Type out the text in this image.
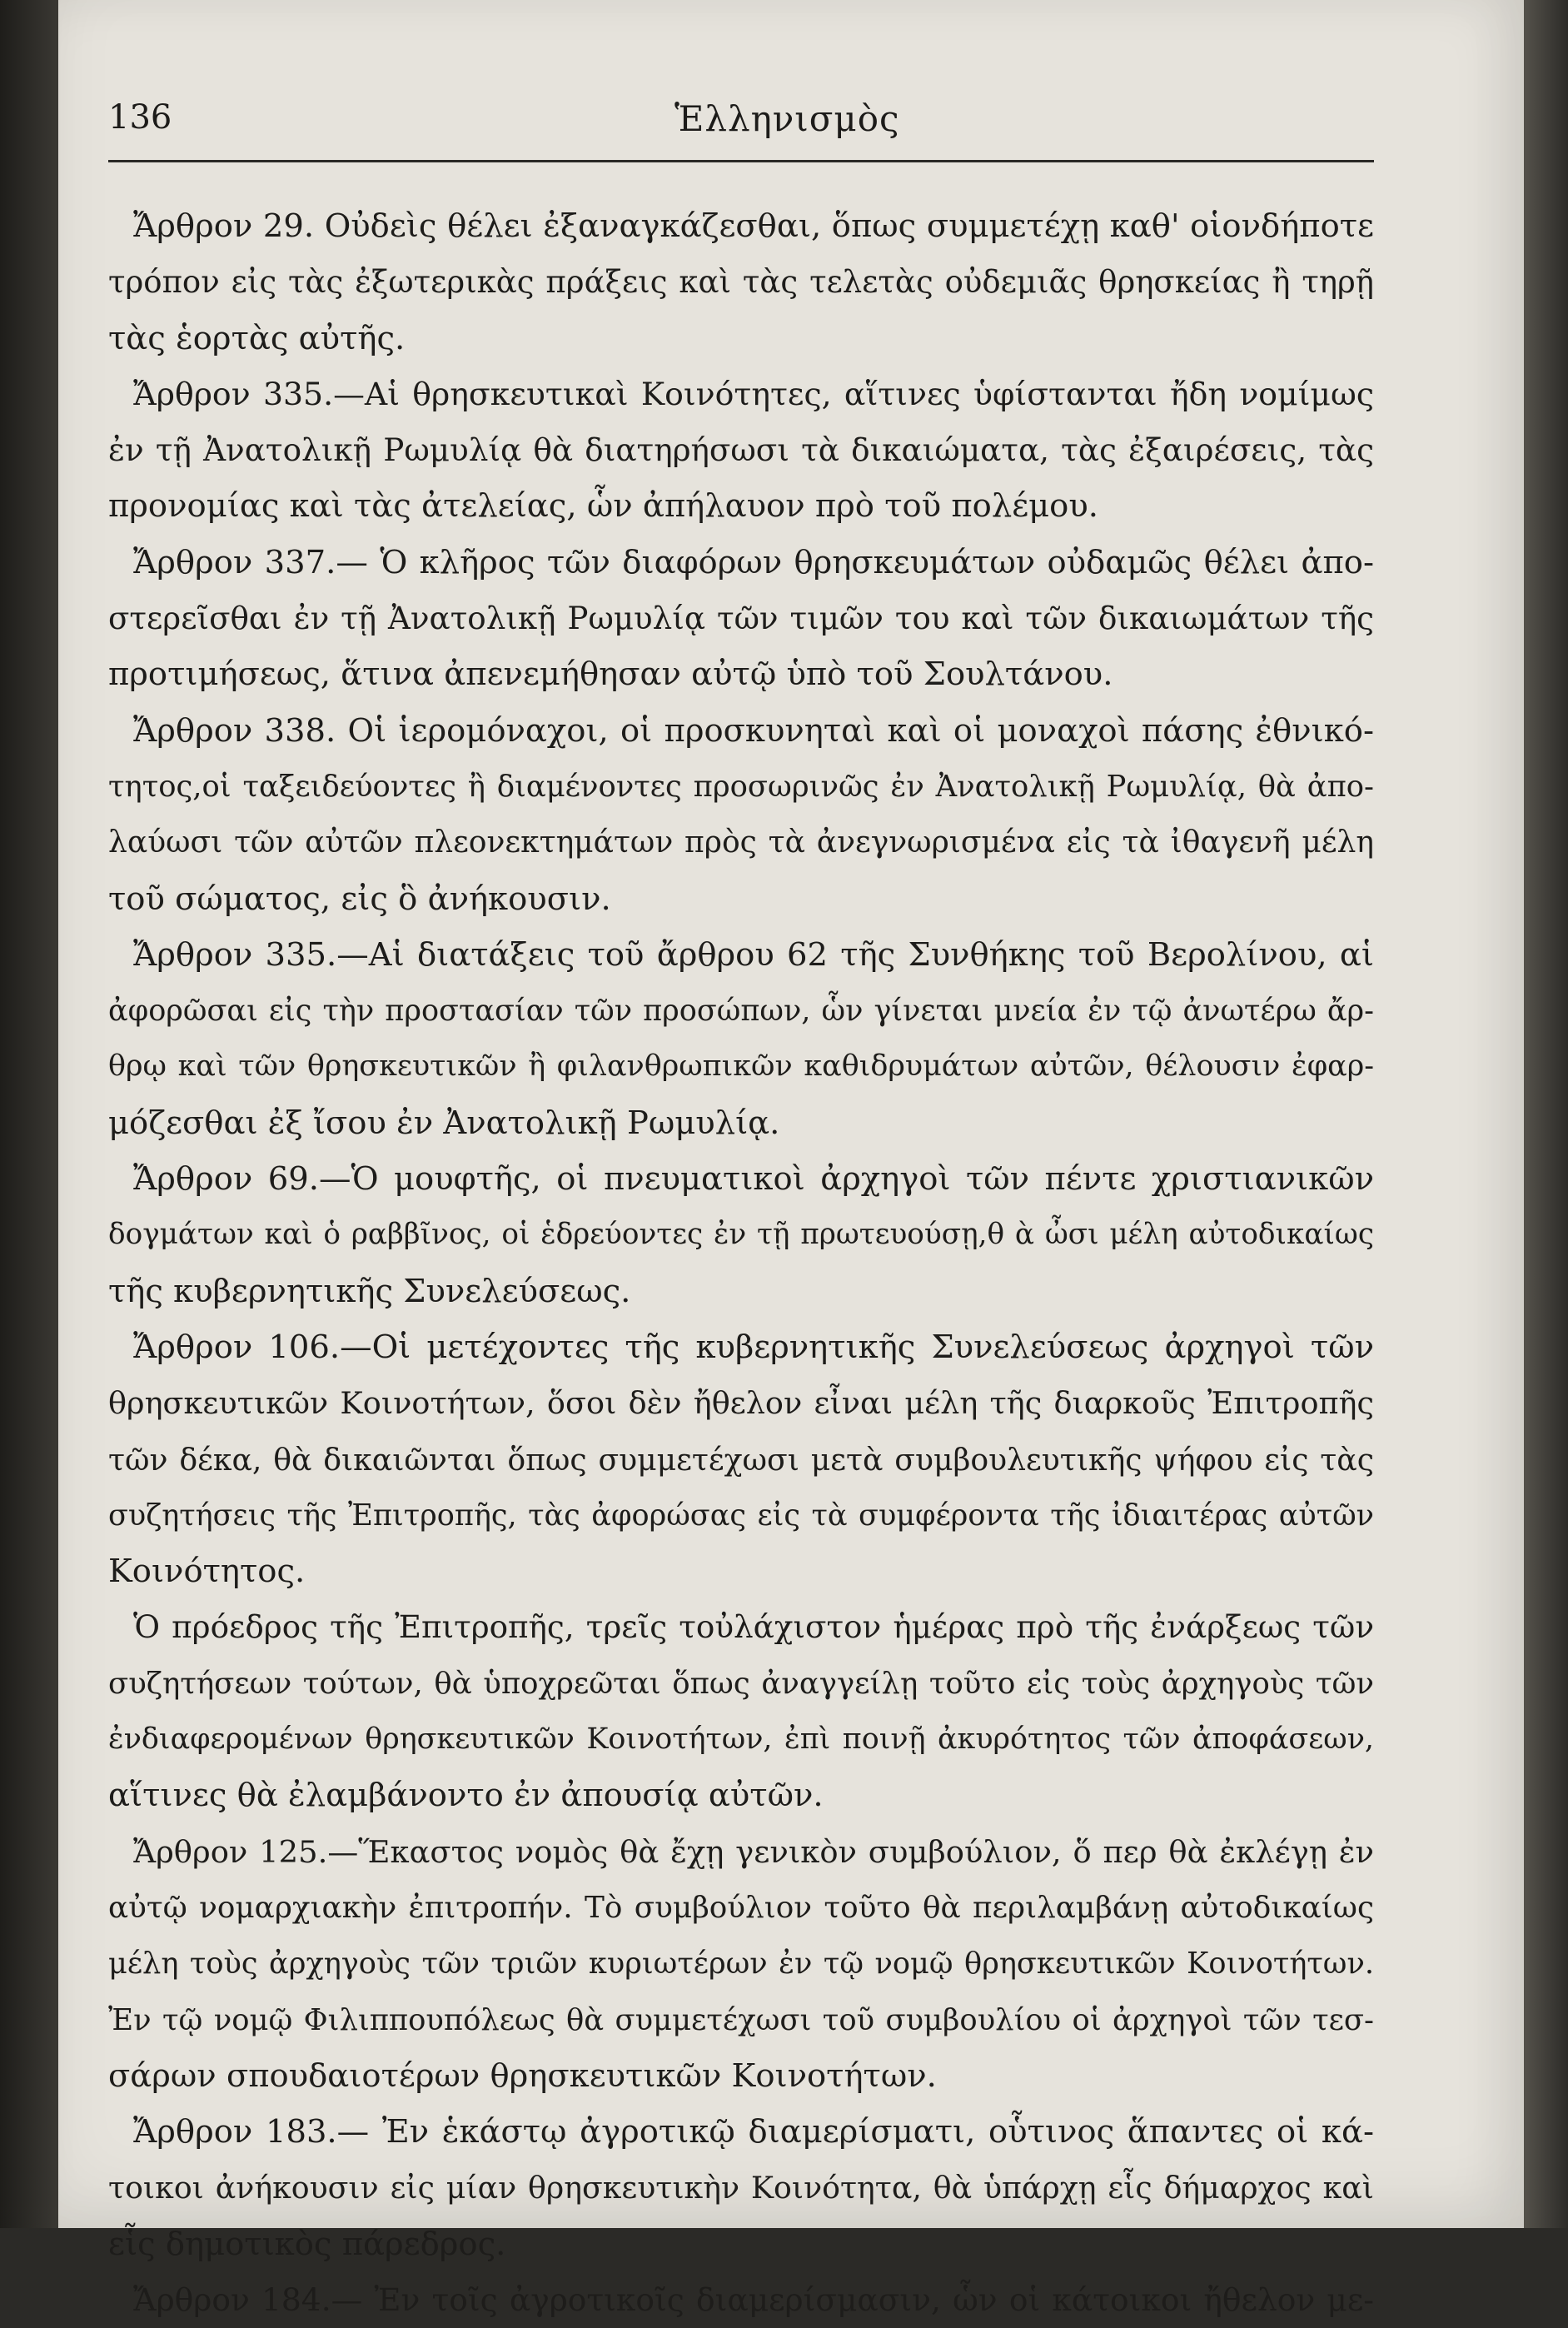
136	Ἑλληνισμὸς
Ἄρθρον 29. Οὐδεὶς θέλει ἐξαναγκάζεσθαι, ὅπως συμμετέχῃ καθ' οἱονδήποτε
τρόπον εἰς τὰς ἐξωτερικὰς πράξεις καὶ τὰς τελετὰς οὐδεμιᾶς θρησκείας ἢ τηρῇ
τὰς ἑορτὰς αὐτῆς.
Ἄρθρον 335.—Αἱ θρησκευτικαὶ Κοινότητες, αἵτινες ὑφίστανται ἤδη νομίμως
ἐν τῇ Ἀνατολικῇ Ρωμυλίᾳ θὰ διατηρήσωσι τὰ δικαιώματα, τὰς ἐξαιρέσεις, τὰς
προνομίας καὶ τὰς ἀτελείας, ὧν ἀπήλαυον πρὸ τοῦ πολέμου.
Ἄρθρον 337.— Ὁ κλῆρος τῶν διαφόρων θρησκευμάτων οὐδαμῶς θέλει ἀπο-
στερεῖσθαι ἐν τῇ Ἀνατολικῇ Ρωμυλίᾳ τῶν τιμῶν του καὶ τῶν δικαιωμάτων τῆς
προτιμήσεως, ἅτινα ἀπενεμήθησαν αὐτῷ ὑπὸ τοῦ Σουλτάνου.
Ἄρθρον 338. Οἱ ἱερομόναχοι, οἱ προσκυνηταὶ καὶ οἱ μοναχοὶ πάσης ἐθνικό-
τητος,οἱ ταξειδεύοντες ἢ διαμένοντες προσωρινῶς ἐν Ἀνατολικῇ Ρωμυλίᾳ, θὰ ἀπο-
λαύωσι τῶν αὐτῶν πλεονεκτημάτων πρὸς τὰ ἀνεγνωρισμένα εἰς τὰ ἰθαγενῆ μέλη
τοῦ σώματος, εἰς ὃ ἀνήκουσιν.
Ἄρθρον 335.—Αἱ διατάξεις τοῦ ἄρθρου 62 τῆς Συνθήκης τοῦ Βερολίνου, αἱ
ἀφορῶσαι εἰς τὴν προστασίαν τῶν προσώπων, ὧν γίνεται μνεία ἐν τῷ ἀνωτέρω ἄρ-
θρῳ καὶ τῶν θρησκευτικῶν ἢ φιλανθρωπικῶν καθιδρυμάτων αὐτῶν, θέλουσιν ἐφαρ-
μόζεσθαι ἐξ ἴσου ἐν Ἀνατολικῇ Ρωμυλίᾳ.
Ἄρθρον 69.—Ὁ μουφτῆς, οἱ πνευματικοὶ ἀρχηγοὶ τῶν πέντε χριστιανικῶν
δογμάτων καὶ ὁ ραββῖνος, οἱ ἑδρεύοντες ἐν τῇ πρωτευούσῃ,θ ὰ ὦσι μέλη αὐτοδικαίως
τῆς κυβερνητικῆς Συνελεύσεως.
Ἄρθρον 106.—Οἱ μετέχοντες τῆς κυβερνητικῆς Συνελεύσεως ἀρχηγοὶ τῶν
θρησκευτικῶν Κοινοτήτων, ὅσοι δὲν ἤθελον εἶναι μέλη τῆς διαρκοῦς Ἐπιτροπῆς
τῶν δέκα, θὰ δικαιῶνται ὅπως συμμετέχωσι μετὰ συμβουλευτικῆς ψήφου εἰς τὰς
συζητήσεις τῆς Ἐπιτροπῆς, τὰς ἀφορώσας εἰς τὰ συμφέροντα τῆς ἰδιαιτέρας αὐτῶν
Κοινότητος.
Ὁ πρόεδρος τῆς Ἐπιτροπῆς, τρεῖς τοὐλάχιστον ἡμέρας πρὸ τῆς ἐνάρξεως τῶν
συζητήσεων τούτων, θὰ ὑποχρεῶται ὅπως ἀναγγείλῃ τοῦτο εἰς τοὺς ἀρχηγοὺς τῶν
ἐνδιαφερομένων θρησκευτικῶν Κοινοτήτων, ἐπὶ ποινῇ ἀκυρότητος τῶν ἀποφάσεων,
αἵτινες θὰ ἐλαμβάνοντο ἐν ἀπουσίᾳ αὐτῶν.
Ἄρθρον 125.—Ἕκαστος νομὸς θὰ ἔχῃ γενικὸν συμβούλιον, ὅ περ θὰ ἐκλέγῃ ἐν
αὐτῷ νομαρχιακὴν ἐπιτροπήν. Τὸ συμβούλιον τοῦτο θὰ περιλαμβάνῃ αὐτοδικαίως
μέλη τοὺς ἀρχηγοὺς τῶν τριῶν κυριωτέρων ἐν τῷ νομῷ θρησκευτικῶν Κοινοτήτων.
Ἐν τῷ νομῷ Φιλιππουπόλεως θὰ συμμετέχωσι τοῦ συμβουλίου οἱ ἀρχηγοὶ τῶν τεσ-
σάρων σπουδαιοτέρων θρησκευτικῶν Κοινοτήτων.
Ἄρθρον 183.— Ἐν ἑκάστῳ ἀγροτικῷ διαμερίσματι, οὗτινος ἅπαντες οἱ κά-
τοικοι ἀνήκουσιν εἰς μίαν θρησκευτικὴν Κοινότητα, θὰ ὑπάρχῃ εἷς δήμαρχος καὶ
εἷς δημοτικὸς πάρεδρος.
Ἄρθρον 184.— Ἐν τοῖς ἀγροτικοῖς διαμερίσμασιν, ὧν οἱ κάτοικοι ἤθελον με-
